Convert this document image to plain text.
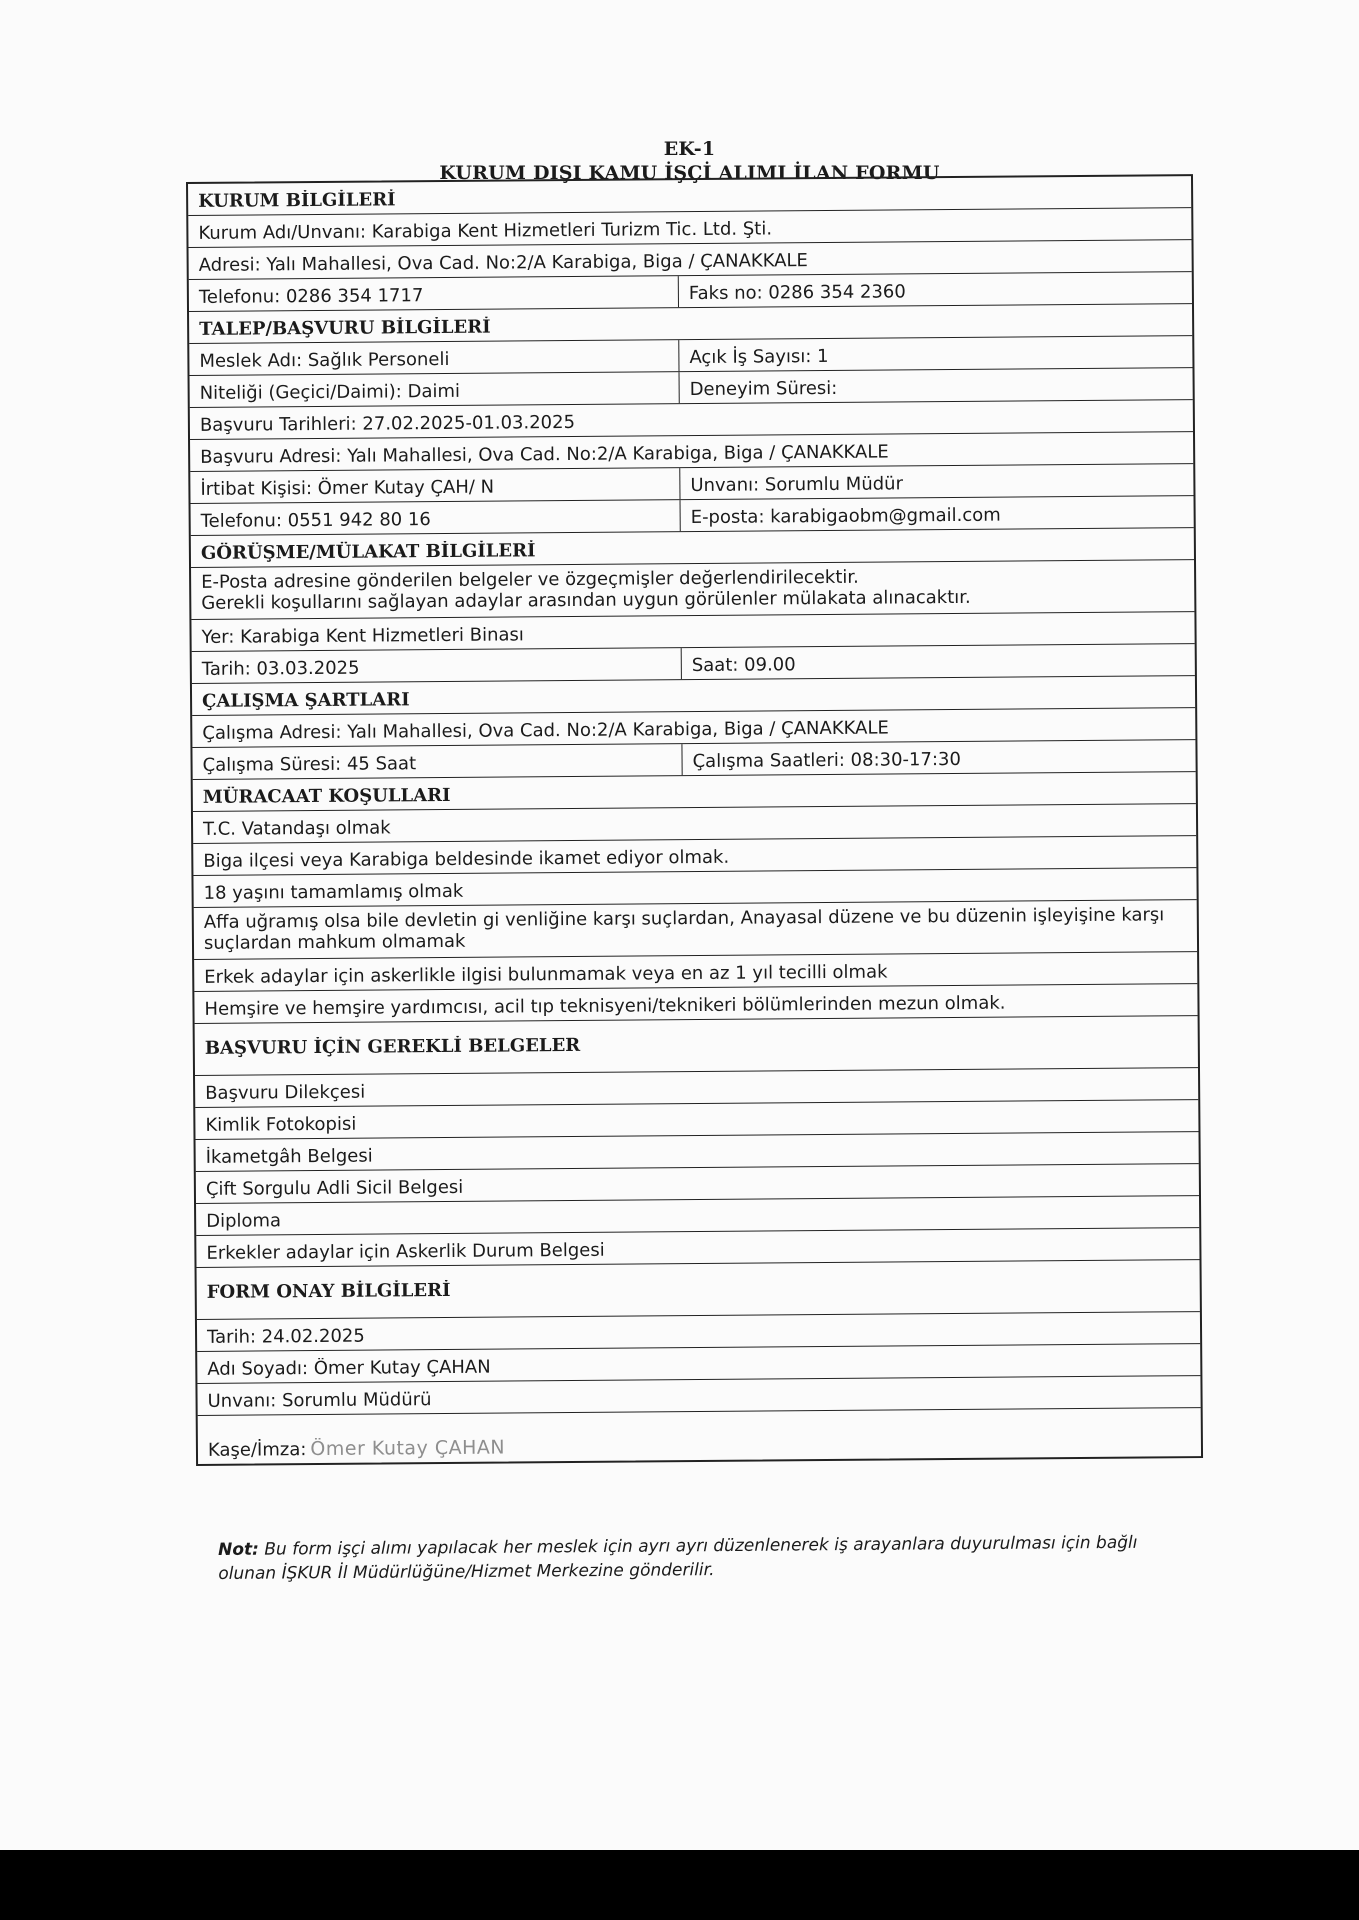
EK-1
KURUM DIŞI KAMU İŞÇİ ALIMI İLAN FORMU
KURUM BİLGİLERİ
Kurum Adı/Unvanı: Karabiga Kent Hizmetleri Turizm Tic. Ltd. Şti.
Adresi: Yalı Mahallesi, Ova Cad. No:2/A Karabiga, Biga / ÇANAKKALE
Telefonu: 0286 354 1717	Faks no: 0286 354 2360
TALEP/BAŞVURU BİLGİLERİ
Meslek Adı: Sağlık Personeli	Açık İş Sayısı: 1
Niteliği (Geçici/Daimi): Daimi	Deneyim Süresi:
Başvuru Tarihleri: 27.02.2025-01.03.2025
Başvuru Adresi: Yalı Mahallesi, Ova Cad. No:2/A Karabiga, Biga / ÇANAKKALE
İrtibat Kişisi: Ömer Kutay ÇAH/ N	Unvanı: Sorumlu Müdür
Telefonu: 0551 942 80 16	E-posta: karabigaobm@gmail.com
GÖRÜŞME/MÜLAKAT BİLGİLERİ
E-Posta adresine gönderilen belgeler ve özgeçmişler değerlendirilecektir.
Gerekli koşullarını sağlayan adaylar arasından uygun görülenler mülakata alınacaktır.
Yer: Karabiga Kent Hizmetleri Binası
Tarih: 03.03.2025	Saat: 09.00
ÇALIŞMA ŞARTLARI
Çalışma Adresi: Yalı Mahallesi, Ova Cad. No:2/A Karabiga, Biga / ÇANAKKALE
Çalışma Süresi: 45 Saat	Çalışma Saatleri: 08:30-17:30
MÜRACAAT KOŞULLARI
T.C. Vatandaşı olmak
Biga ilçesi veya Karabiga beldesinde ikamet ediyor olmak.
18 yaşını tamamlamış olmak
Affa uğramış olsa bile devletin gi venliğine karşı suçlardan, Anayasal düzene ve bu düzenin işleyişine karşı suçlardan mahkum olmamak
Erkek adaylar için askerlikle ilgisi bulunmamak veya en az 1 yıl tecilli olmak
Hemşire ve hemşire yardımcısı, acil tıp teknisyeni/teknikeri bölümlerinden mezun olmak.
BAŞVURU İÇİN GEREKLİ BELGELER
Başvuru Dilekçesi
Kimlik Fotokopisi
İkametgâh Belgesi
Çift Sorgulu Adli Sicil Belgesi
Diploma
Erkekler adaylar için Askerlik Durum Belgesi
FORM ONAY BİLGİLERİ
Tarih: 24.02.2025
Adı Soyadı: Ömer Kutay ÇAHAN
Unvanı: Sorumlu Müdürü
Kaşe/İmza: Ömer Kutay ÇAHAN
Not: Bu form işçi alımı yapılacak her meslek için ayrı ayrı düzenlenerek iş arayanlara duyurulması için bağlı olunan İŞKUR İl Müdürlüğüne/Hizmet Merkezine gönderilir.
